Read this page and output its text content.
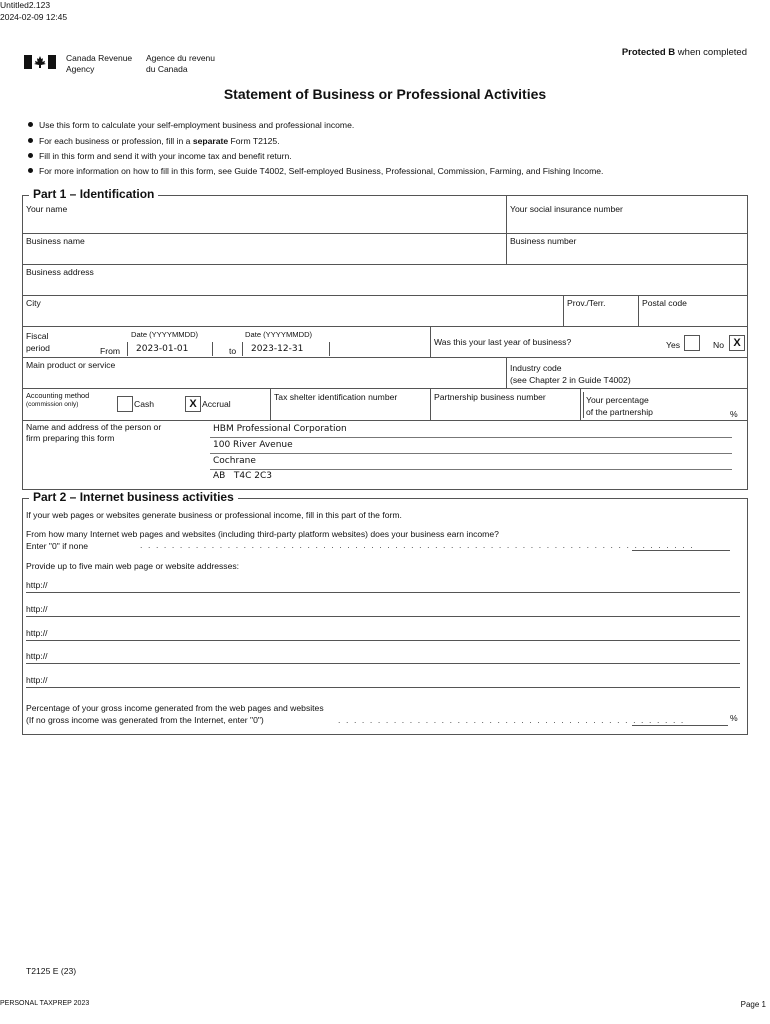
Untitled2.123
2024-02-09 12:45
Canada Revenue
Agency
Agence du revenu
du Canada
Protected B when completed
Statement of Business or Professional Activities
Use this form to calculate your self-employment business and professional income.
For each business or profession, fill in a separate Form T2125.
Fill in this form and send it with your income tax and benefit return.
For more information on how to fill in this form, see Guide T4002, Self-employed Business, Professional, Commission, Farming, and Fishing Income.
Part 1 – Identification
Your name	Your social insurance number
Business name	Business number
Business address
City	Prov./Terr.	Postal code
Fiscal
period
Date (YYYYMMDD)	Date (YYYYMMDD)
From 2023-01-01	to 2023-12-31
Was this your last year of business?	Yes	No X
Main product or service	Industry code
(see Chapter 2 in Guide T4002)
Accounting method
(commission only)	Cash	X Accrual
Tax shelter identification number	Partnership business number	Your percentage
of the partnership	%
Name and address of the person or
firm preparing this form
HBM Professional Corporation
100 River Avenue
Cochrane
AB   T4C 2C3
Part 2 – Internet business activities
If your web pages or websites generate business or professional income, fill in this part of the form.
From how many Internet web pages and websites (including third-party platform websites) does your business earn income?
Enter "0" if none	. . . . . . . . . . . . . . . . . . . . . . . . . . . . . . . . . . . . . . . . . . . . . . . . . . . . . . . . . . . . . . . . . . . . . .
Provide up to five main web page or website addresses:
http://
http://
http://
http://
http://
Percentage of your gross income generated from the web pages and websites
(If no gross income was generated from the Internet, enter "0")	. . . . . . . . . . . . . . . . . . . . . . . . . . . . . . . . . . . . . . . . . . . .	%
T2125 E (23)
PERSONAL TAXPREP 2023	Page 1
